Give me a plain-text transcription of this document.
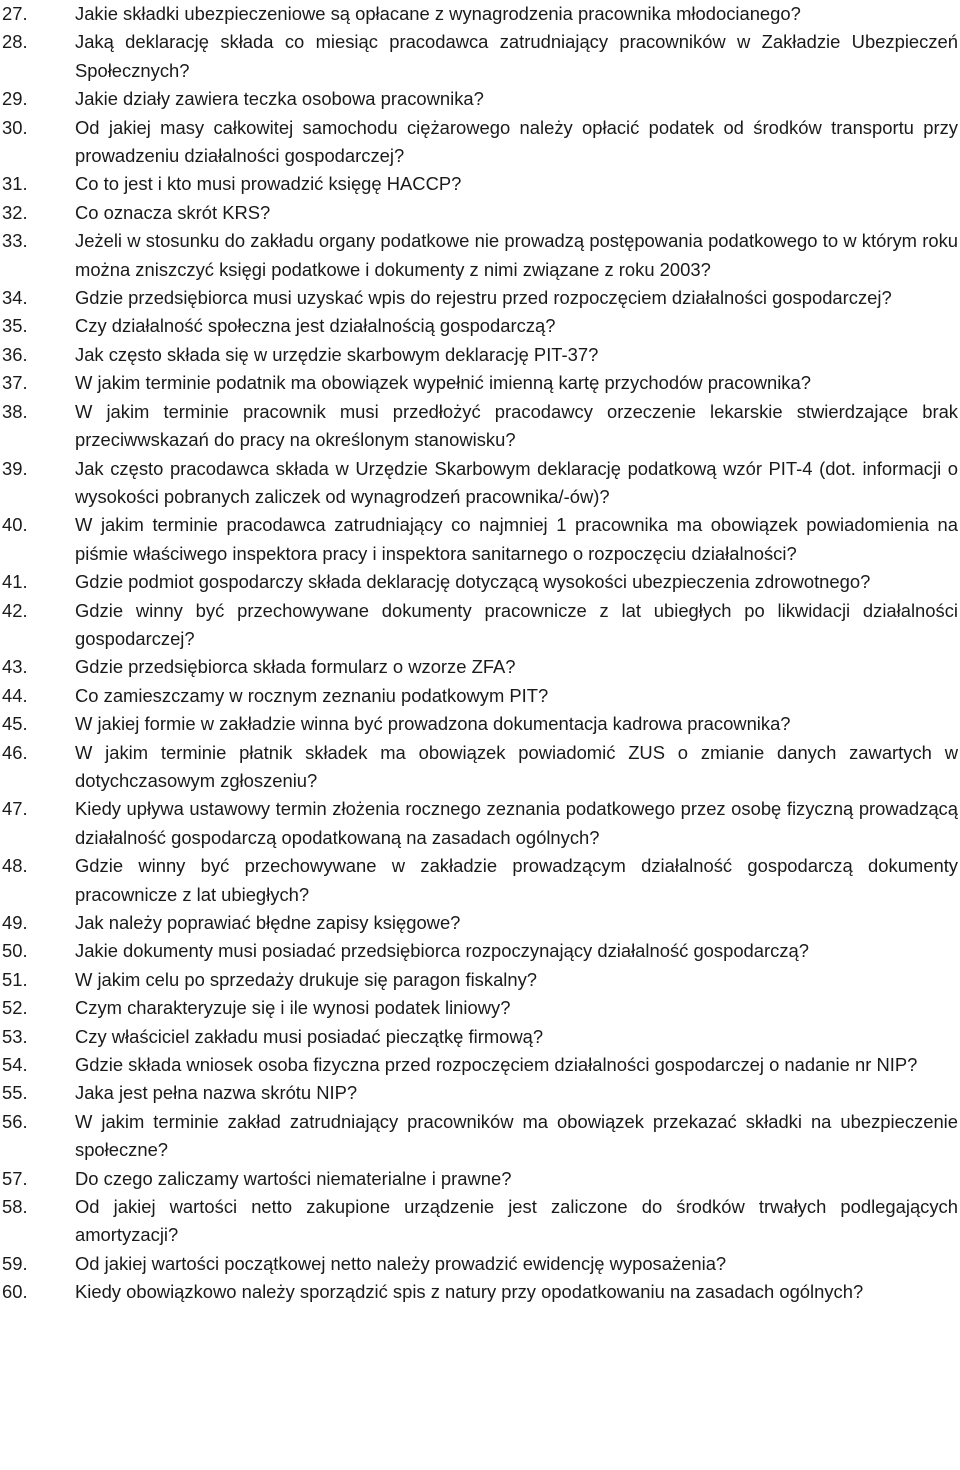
27.	Jakie składki ubezpieczeniowe są opłacane z wynagrodzenia pracownika młodocianego?
28.	Jaką deklarację składa co miesiąc pracodawca zatrudniający pracowników w Zakładzie Ubezpieczeń Społecznych?
29.	Jakie działy zawiera teczka osobowa pracownika?
30.	Od jakiej masy całkowitej samochodu ciężarowego należy opłacić podatek od środków transportu przy prowadzeniu działalności gospodarczej?
31.	Co to jest i kto musi prowadzić księgę HACCP?
32.	Co oznacza skrót KRS?
33.	Jeżeli w stosunku do zakładu organy podatkowe nie prowadzą postępowania podatkowego to w którym roku można zniszczyć księgi podatkowe i dokumenty z nimi związane z roku 2003?
34.	Gdzie przedsiębiorca musi uzyskać wpis do rejestru przed rozpoczęciem działalności gospodarczej?
35.	Czy działalność społeczna jest działalnością gospodarczą?
36.	Jak często składa się w urzędzie skarbowym deklarację PIT-37?
37.	W jakim terminie podatnik ma obowiązek wypełnić imienną kartę przychodów pracownika?
38.	W jakim terminie pracownik musi przedłożyć pracodawcy orzeczenie lekarskie stwierdzające brak przeciwwskazań do pracy na określonym stanowisku?
39.	Jak często pracodawca składa w Urzędzie Skarbowym deklarację podatkową wzór PIT-4 (dot. informacji o wysokości pobranych zaliczek od wynagrodzeń pracownika/-ów)?
40.	W jakim terminie pracodawca zatrudniający co najmniej 1 pracownika ma obowiązek powiadomienia na piśmie właściwego inspektora pracy i inspektora sanitarnego o rozpoczęciu działalności?
41.	Gdzie podmiot gospodarczy składa deklarację dotyczącą wysokości ubezpieczenia zdrowotnego?
42.	Gdzie winny być przechowywane dokumenty pracownicze z lat ubiegłych po likwidacji działalności gospodarczej?
43.	Gdzie przedsiębiorca składa formularz o wzorze ZFA?
44.	Co zamieszczamy w rocznym zeznaniu podatkowym PIT?
45.	W jakiej formie w zakładzie winna być prowadzona dokumentacja kadrowa pracownika?
46.	W jakim terminie płatnik składek ma obowiązek powiadomić ZUS o zmianie danych zawartych w dotychczasowym zgłoszeniu?
47.	Kiedy upływa ustawowy termin złożenia rocznego zeznania podatkowego przez osobę fizyczną prowadzącą działalność gospodarczą opodatkowaną na zasadach ogólnych?
48.	Gdzie winny być przechowywane w zakładzie prowadzącym działalność gospodarczą dokumenty pracownicze z lat ubiegłych?
49.	Jak należy poprawiać błędne zapisy księgowe?
50.	Jakie dokumenty musi posiadać przedsiębiorca rozpoczynający działalność gospodarczą?
51.	W jakim celu po sprzedaży drukuje się paragon fiskalny?
52.	Czym charakteryzuje się i ile wynosi podatek liniowy?
53.	Czy właściciel zakładu musi posiadać pieczątkę firmową?
54.	Gdzie składa wniosek osoba fizyczna przed rozpoczęciem działalności gospodarczej o nadanie nr NIP?
55.	Jaka jest pełna nazwa skrótu NIP?
56.	W jakim terminie zakład zatrudniający pracowników ma obowiązek przekazać składki na ubezpieczenie społeczne?
57.	Do czego zaliczamy wartości niematerialne i prawne?
58.	Od jakiej wartości netto zakupione urządzenie jest zaliczone do środków trwałych podlegających amortyzacji?
59.	Od jakiej wartości początkowej netto należy prowadzić ewidencję wyposażenia?
60.	Kiedy obowiązkowo należy sporządzić spis z natury przy opodatkowaniu na zasadach ogólnych?
